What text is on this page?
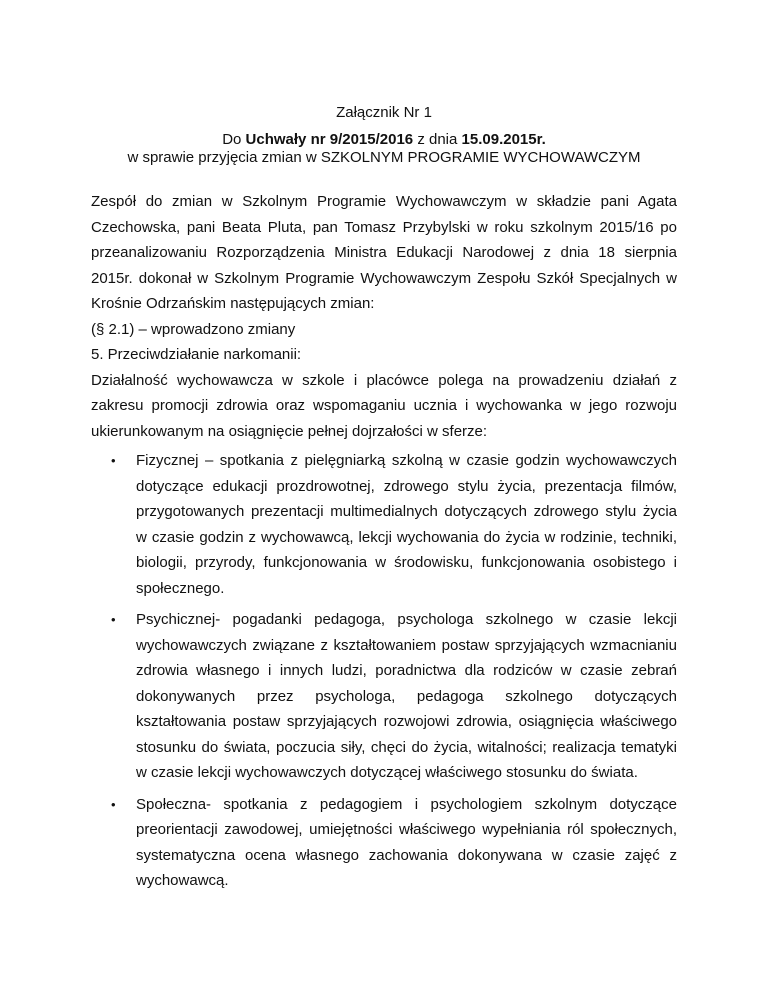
Załącznik Nr 1
Do Uchwały nr 9/2015/2016 z dnia 15.09.2015r.
w sprawie przyjęcia zmian w SZKOLNYM PROGRAMIE WYCHOWAWCZYM

Zespół do zmian w Szkolnym Programie Wychowawczym w składzie pani Agata Czechowska, pani Beata Pluta, pan Tomasz Przybylski w roku szkolnym 2015/16 po przeanalizowaniu Rozporządzenia Ministra Edukacji Narodowej z dnia 18 sierpnia 2015r. dokonał w Szkolnym Programie Wychowawczym Zespołu Szkół Specjalnych w Krośnie Odrzańskim następujących zmian:

(§ 2.1) – wprowadzono zmiany

5. Przeciwdziałanie narkomanii:

Działalność wychowawcza w szkole i placówce polega na prowadzeniu działań z zakresu promocji zdrowia oraz wspomaganiu ucznia i wychowanka w jego rozwoju ukierunkowanym na osiągnięcie pełnej dojrzałości w sferze:

• Fizycznej – spotkania z pielęgniarką szkolną w czasie godzin wychowawczych dotyczące edukacji prozdrowotnej, zdrowego stylu życia, prezentacja filmów, przygotowanych prezentacji multimedialnych dotyczących zdrowego stylu życia w czasie godzin z wychowawcą, lekcji wychowania do życia w rodzinie, techniki, biologii, przyrody, funkcjonowania w środowisku, funkcjonowania osobistego i społecznego.
• Psychicznej- pogadanki pedagoga, psychologa szkolnego w czasie lekcji wychowawczych związane z kształtowaniem postaw sprzyjających wzmacnianiu zdrowia własnego i innych ludzi, poradnictwa dla rodziców w czasie zebrań dokonywanych przez psychologa, pedagoga szkolnego dotyczących kształtowania postaw sprzyjających rozwojowi zdrowia, osiągnięcia właściwego stosunku do świata, poczucia siły, chęci do życia, witalności; realizacja tematyki w czasie lekcji wychowawczych dotyczącej właściwego stosunku do świata.
• Społeczna- spotkania z pedagogiem i psychologiem szkolnym dotyczące preorientacji zawodowej, umiejętności właściwego wypełniania ról społecznych, systematyczna ocena własnego zachowania dokonywana w czasie zajęć z wychowawcą.
